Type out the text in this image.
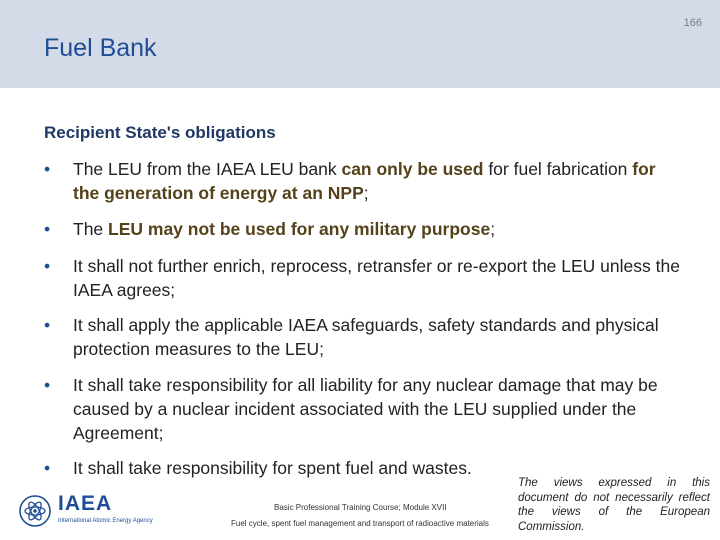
166
Fuel Bank
Recipient State's obligations
•	The LEU from the IAEA LEU bank can only be used for fuel fabrication for the generation of energy at an NPP;
•	The LEU may not be used for any military purpose;
•	It shall not further enrich, reprocess, retransfer or re-export the LEU unless the IAEA agrees;
•	It shall apply the applicable IAEA safeguards, safety standards and physical protection measures to the LEU;
•	It shall take responsibility for all liability for any nuclear damage that may be caused by a nuclear incident associated with the LEU supplied under the Agreement;
•	It shall take responsibility for spent fuel and wastes.
IAEA
International Atomic Energy Agency
Basic Professional Training Course; Module XVII
Fuel cycle, spent fuel management and transport of radioactive materials
The views expressed in this document do not necessarily reflect the views of the European Commission.
